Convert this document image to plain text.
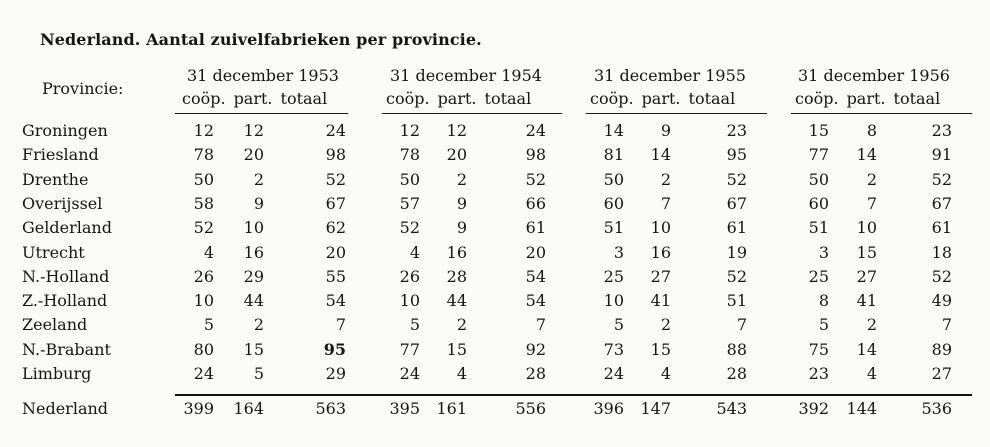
Nederland. Aantal zuivelfabrieken per provincie.
Provincie:
31 december 1953
coöp. part. totaal
31 december 1954
coöp. part. totaal
31 december 1955
coöp. part. totaal
31 december 1956
coöp. part. totaal
Groningen	12	12	24	12	12	24	14	9	23	15	8	23
Friesland	78	20	98	78	20	98	81	14	95	77	14	91
Drenthe	50	2	52	50	2	52	50	2	52	50	2	52
Overijssel	58	9	67	57	9	66	60	7	67	60	7	67
Gelderland	52	10	62	52	9	61	51	10	61	51	10	61
Utrecht	4	16	20	4	16	20	3	16	19	3	15	18
N.-Holland	26	29	55	26	28	54	25	27	52	25	27	52
Z.-Holland	10	44	54	10	44	54	10	41	51	8	41	49
Zeeland	5	2	7	5	2	7	5	2	7	5	2	7
N.-Brabant	80	15	95	77	15	92	73	15	88	75	14	89
Limburg	24	5	29	24	4	28	24	4	28	23	4	27
Nederland	399	164	563	395	161	556	396	147	543	392	144	536
